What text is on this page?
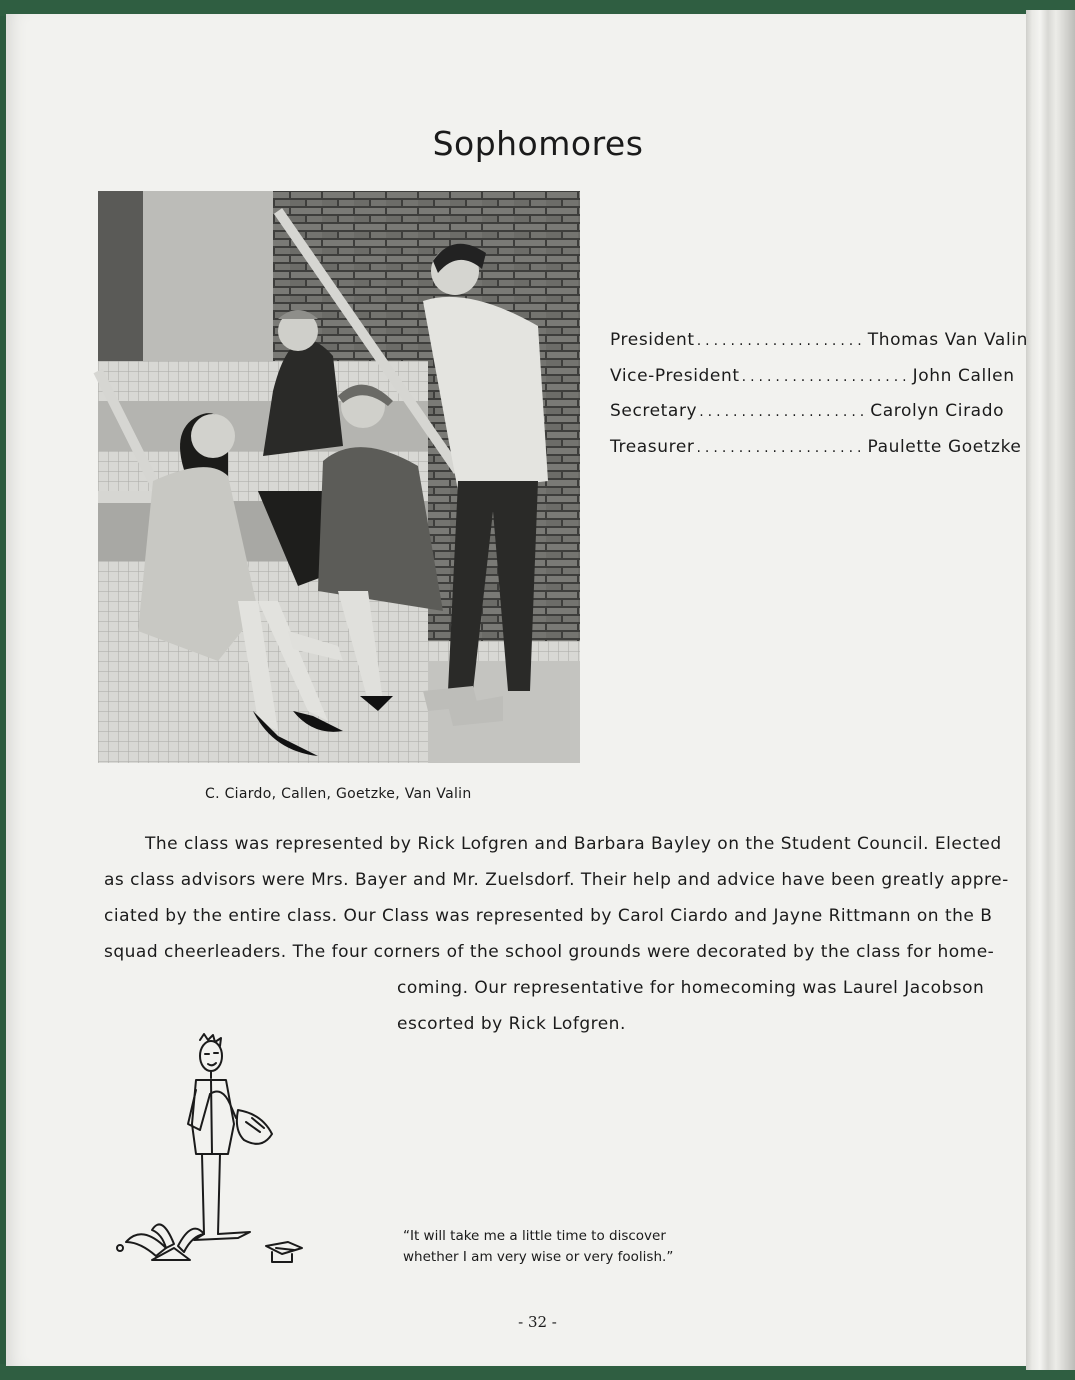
Sophomores
C. Ciardo, Callen, Goetzke, Van Valin
President .................... Thomas Van Valin
Vice-President .................... John Callen
Secretary .................... Carolyn Cirado
Treasurer .................... Paulette Goetzke
The class was represented by Rick Lofgren and Barbara Bayley on the Student Council. Elected
as class advisors were Mrs. Bayer and Mr. Zuelsdorf. Their help and advice have been greatly appre-
ciated by the entire class. Our Class was represented by Carol Ciardo and Jayne Rittmann on the B
squad cheerleaders. The four corners of the school grounds were decorated by the class for home-
coming. Our representative for homecoming was Laurel Jacobson
escorted by Rick Lofgren.
“It will take me a little time to discover
whether I am very wise or very foolish.”
- 32 -
